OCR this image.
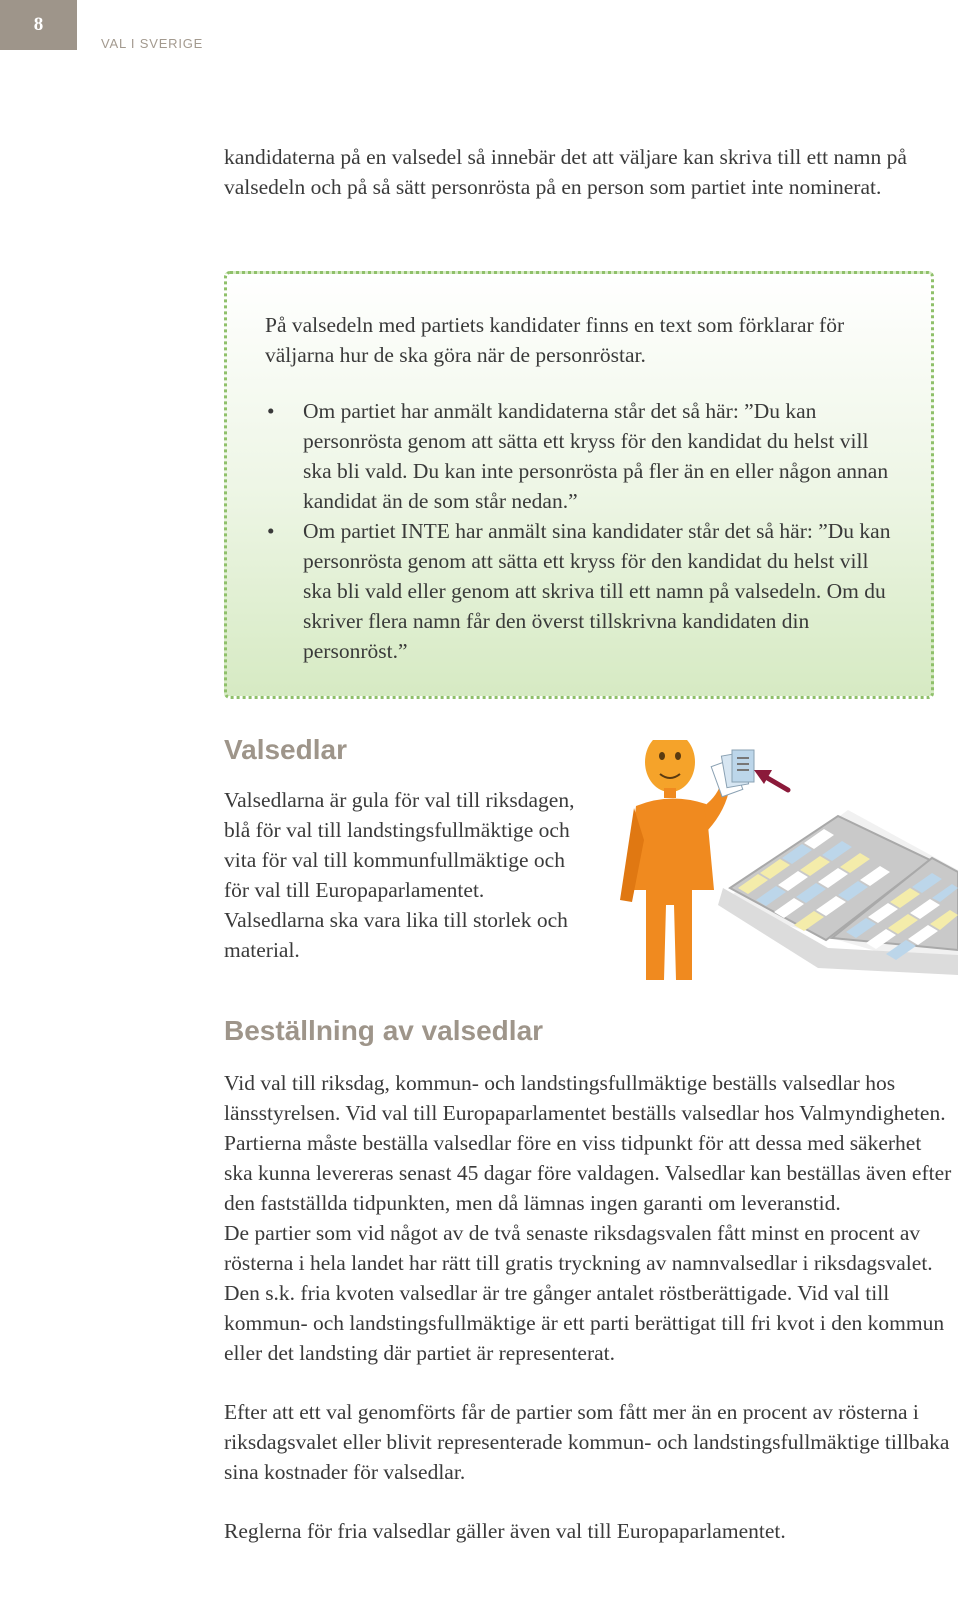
8
VAL I SVERIGE

kandidaterna på en valsedel så innebär det att väljare kan skriva till ett namn på valsedeln och på så sätt personrösta på en person som partiet inte nominerat.

På valsedeln med partiets kandidater finns en text som förklarar för väljarna hur de ska göra när de personröstar.

• Om partiet har anmält kandidaterna står det så här: ”Du kan personrösta genom att sätta ett kryss för den kandidat du helst vill ska bli vald. Du kan inte personrösta på fler än en eller någon annan kandidat än de som står nedan.”
• Om partiet INTE har anmält sina kandidater står det så här: ”Du kan personrösta genom att sätta ett kryss för den kandidat du helst vill ska bli vald eller genom att skriva till ett namn på valsedeln. Om du skriver flera namn får den överst tillskrivna kandidaten din personröst.”
Valsedlar

Valsedlarna är gula för val till riksdagen, blå för val till landstingsfullmäktige och vita för val till kommunfullmäktige och för val till Europaparlamentet. Valsedlarna ska vara lika till storlek och material.

Beställning av valsedlar

Vid val till riksdag, kommun- och landstingsfullmäktige beställs valsedlar hos länsstyrelsen. Vid val till Europaparlamentet beställs valsedlar hos Valmyndigheten. Partierna måste beställa valsedlar före en viss tidpunkt för att dessa med säkerhet ska kunna levereras senast 45 dagar före valdagen. Valsedlar kan beställas även efter den fastställda tidpunkten, men då lämnas ingen garanti om leveranstid.

De partier som vid något av de två senaste riksdagsvalen fått minst en procent av rösterna i hela landet har rätt till gratis tryckning av namnvalsedlar i riksdagsvalet. Den s.k. fria kvoten valsedlar är tre gånger antalet röstberättigade. Vid val till kommun- och landstingsfullmäktige är ett parti berättigat till fri kvot i den kommun eller det landsting där partiet är representerat.

Efter att ett val genomförts får de partier som fått mer än en procent av rösterna i riksdagsvalet eller blivit representerade kommun- och landstingsfullmäktige tillbaka sina kostnader för valsedlar.

Reglerna för fria valsedlar gäller även val till Europaparlamentet.
